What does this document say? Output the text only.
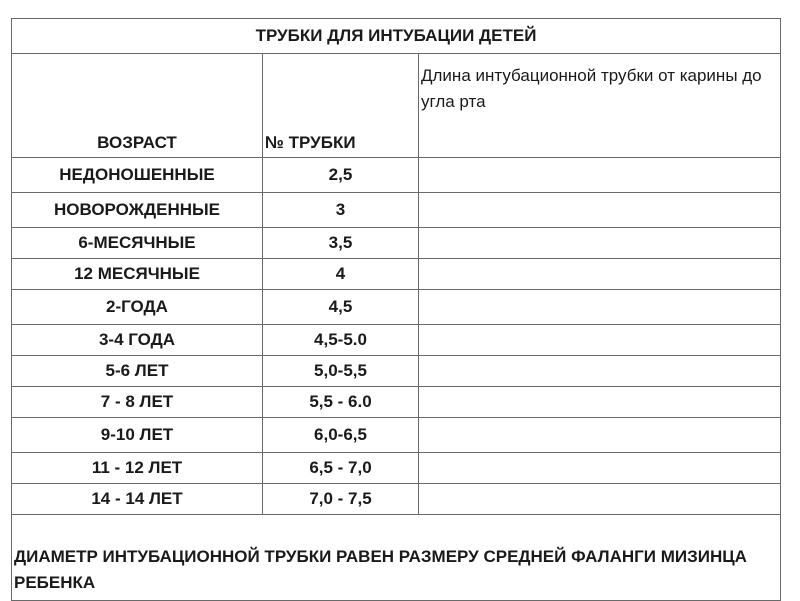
ТРУБКИ ДЛЯ ИНТУБАЦИИ ДЕТЕЙ		
ВОЗРАСТ	№ ТРУБКИ	Длина интубационной трубки от карины до угла рта
НЕДОНОШЕННЫЕ	2,5	
НОВОРОЖДЕННЫЕ	3	
6-МЕСЯЧНЫЕ	3,5	
12 МЕСЯЧНЫЕ	4	
2-ГОДА	4,5	
3-4 ГОДА	4,5-5.0	
5-6 ЛЕТ	5,0-5,5	
7 - 8 ЛЕТ	5,5 - 6.0	
9-10 ЛЕТ	6,0-6,5	
11 - 12 ЛЕТ	6,5 - 7,0	
14 - 14 ЛЕТ	7,0 - 7,5	
ДИАМЕТР ИНТУБАЦИОННОЙ ТРУБКИ РАВЕН РАЗМЕРУ СРЕДНЕЙ ФАЛАНГИ МИЗИНЦА РЕБЕНКА		
